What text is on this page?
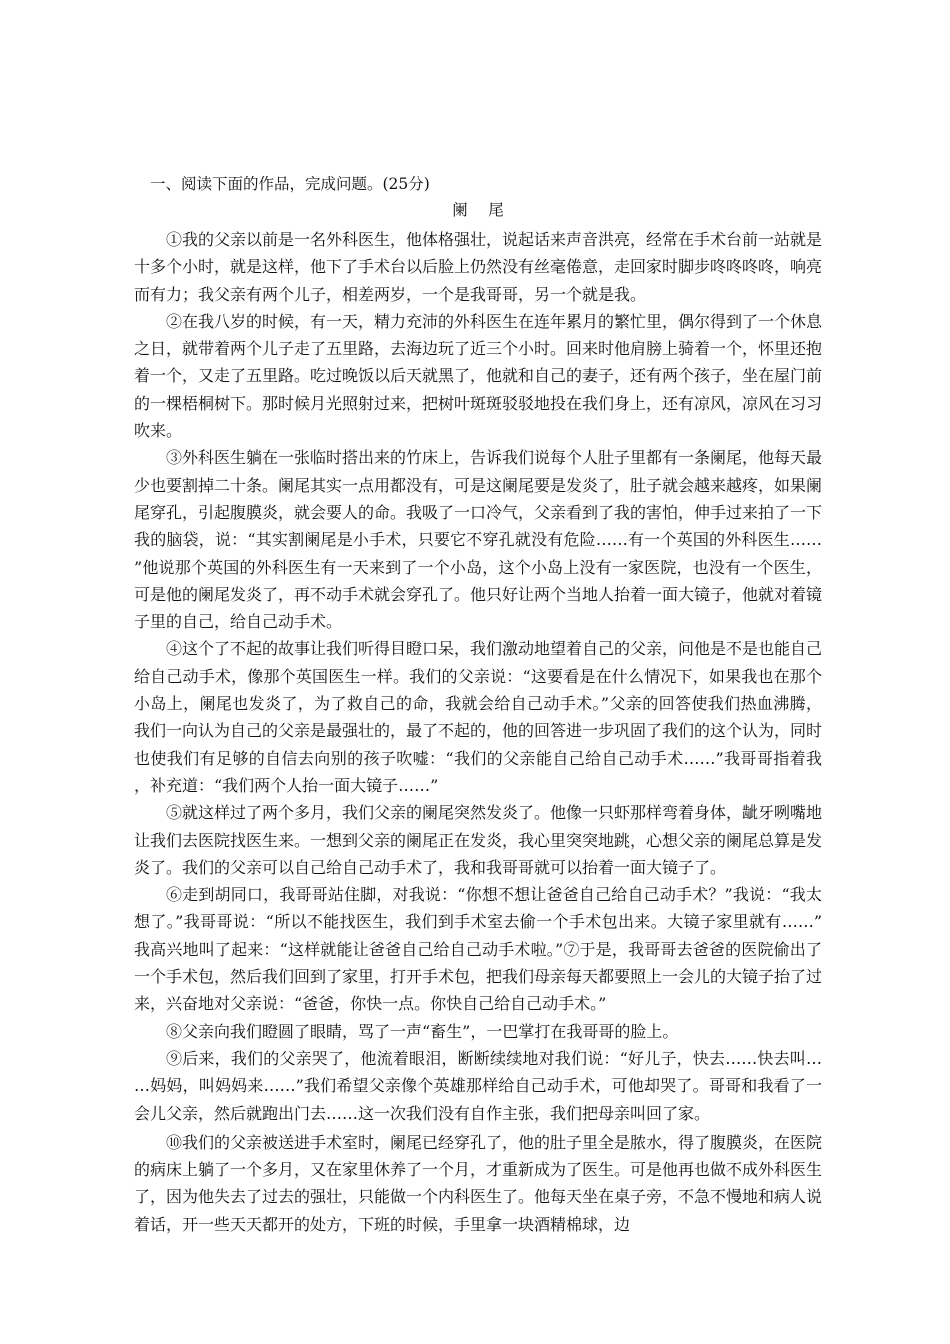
一、阅读下面的作品，完成问题。(25分)
阑 尾

①我的父亲以前是一名外科医生，他体格强壮，说起话来声音洪亮，经常在手术台前一站就是十多个小时，就是这样，他下了手术台以后脸上仍然没有丝毫倦意，走回家时脚步咚咚咚咚，响亮而有力；我父亲有两个儿子，相差两岁，一个是我哥哥，另一个就是我。

②在我八岁的时候，有一天，精力充沛的外科医生在连年累月的繁忙里，偶尔得到了一个休息之日，就带着两个儿子走了五里路，去海边玩了近三个小时。回来时他肩膀上骑着一个，怀里还抱着一个，又走了五里路。吃过晚饭以后天就黑了，他就和自己的妻子，还有两个孩子，坐在屋门前的一棵梧桐树下。那时候月光照射过来，把树叶斑斑驳驳地投在我们身上，还有凉风，凉风在习习吹来。

③外科医生躺在一张临时搭出来的竹床上，告诉我们说每个人肚子里都有一条阑尾，他每天最少也要割掉二十条。阑尾其实一点用都没有，可是这阑尾要是发炎了，肚子就会越来越疼，如果阑尾穿孔，引起腹膜炎，就会要人的命。我吸了一口冷气，父亲看到了我的害怕，伸手过来拍了一下我的脑袋，说：“其实割阑尾是小手术，只要它不穿孔就没有危险……有一个英国的外科医生……”他说那个英国的外科医生有一天来到了一个小岛，这个小岛上没有一家医院，也没有一个医生，可是他的阑尾发炎了，再不动手术就会穿孔了。他只好让两个当地人抬着一面大镜子，他就对着镜子里的自己，给自己动手术。

④这个了不起的故事让我们听得目瞪口呆，我们激动地望着自己的父亲，问他是不是也能自己给自己动手术，像那个英国医生一样。我们的父亲说：“这要看是在什么情况下，如果我也在那个小岛上，阑尾也发炎了，为了救自己的命，我就会给自己动手术。”父亲的回答使我们热血沸腾，我们一向认为自己的父亲是最强壮的，最了不起的，他的回答进一步巩固了我们的这个认为，同时也使我们有足够的自信去向别的孩子吹嘘：“我们的父亲能自己给自己动手术……”我哥哥指着我，补充道：“我们两个人抬一面大镜子……”

⑤就这样过了两个多月，我们父亲的阑尾突然发炎了。他像一只虾那样弯着身体，龇牙咧嘴地让我们去医院找医生来。一想到父亲的阑尾正在发炎，我心里突突地跳，心想父亲的阑尾总算是发炎了。我们的父亲可以自己给自己动手术了，我和我哥哥就可以抬着一面大镜子了。

⑥走到胡同口，我哥哥站住脚，对我说：“你想不想让爸爸自己给自己动手术？”我说：“我太想了。”我哥哥说：“所以不能找医生，我们到手术室去偷一个手术包出来。大镜子家里就有……”我高兴地叫了起来：“这样就能让爸爸自己给自己动手术啦。”⑦于是，我哥哥去爸爸的医院偷出了一个手术包，然后我们回到了家里，打开手术包，把我们母亲每天都要照上一会儿的大镜子抬了过来，兴奋地对父亲说：“爸爸，你快一点。你快自己给自己动手术。”

⑧父亲向我们瞪圆了眼睛，骂了一声“畜生”，一巴掌打在我哥哥的脸上。

⑨后来，我们的父亲哭了，他流着眼泪，断断续续地对我们说：“好儿子，快去……快去叫……妈妈，叫妈妈来……”我们希望父亲像个英雄那样给自己动手术，可他却哭了。哥哥和我看了一会儿父亲，然后就跑出门去……这一次我们没有自作主张，我们把母亲叫回了家。

⑩我们的父亲被送进手术室时，阑尾已经穿孔了，他的肚子里全是脓水，得了腹膜炎，在医院的病床上躺了一个多月，又在家里休养了一个月，才重新成为了医生。可是他再也做不成外科医生了，因为他失去了过去的强壮，只能做一个内科医生了。他每天坐在桌子旁，不急不慢地和病人说着话，开一些天天都开的处方，下班的时候，手里拿一块酒精棉球，边
